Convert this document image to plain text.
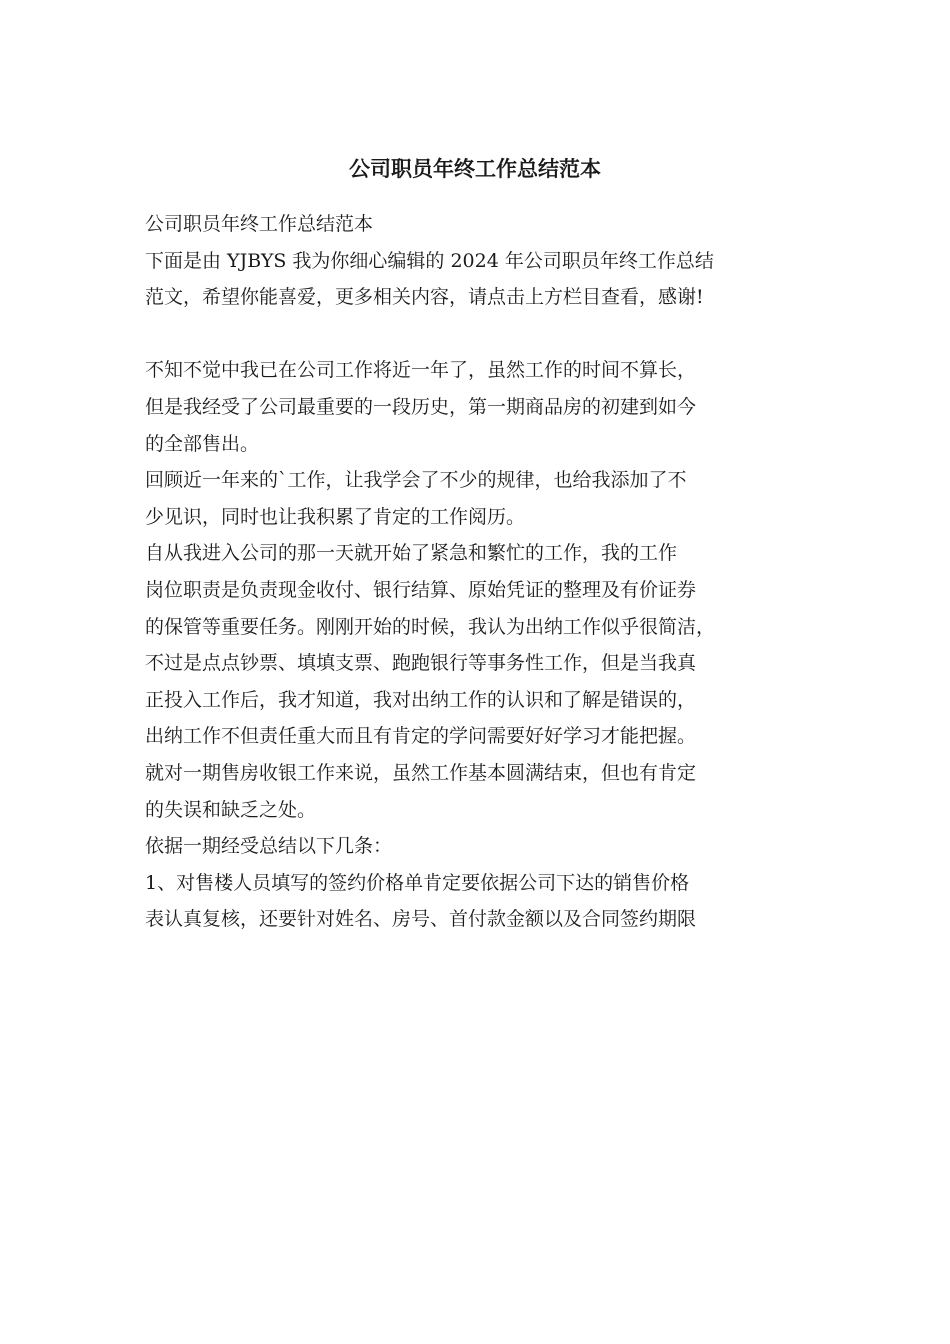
公司职员年终工作总结范本

公司职员年终工作总结范本

下面是由 YJBYS 我为你细心编辑的 2024 年公司职员年终工作总结

范文，希望你能喜爱，更多相关内容，请点击上方栏目查看，感谢!

不知不觉中我已在公司工作将近一年了，虽然工作的时间不算长，

但是我经受了公司最重要的一段历史，第一期商品房的初建到如今

的全部售出。

回顾近一年来的`工作，让我学会了不少的规律，也给我添加了不

少见识，同时也让我积累了肯定的工作阅历。

自从我进入公司的那一天就开始了紧急和繁忙的工作，我的工作

岗位职责是负责现金收付、银行结算、原始凭证的整理及有价证券

的保管等重要任务。刚刚开始的时候，我认为出纳工作似乎很简洁，

不过是点点钞票、填填支票、跑跑银行等事务性工作，但是当我真

正投入工作后，我才知道，我对出纳工作的认识和了解是错误的，

出纳工作不但责任重大而且有肯定的学问需要好好学习才能把握。

就对一期售房收银工作来说，虽然工作基本圆满结束，但也有肯定

的失误和缺乏之处。

依据一期经受总结以下几条：

1、对售楼人员填写的签约价格单肯定要依据公司下达的销售价格

表认真复核，还要针对姓名、房号、首付款金额以及合同签约期限
